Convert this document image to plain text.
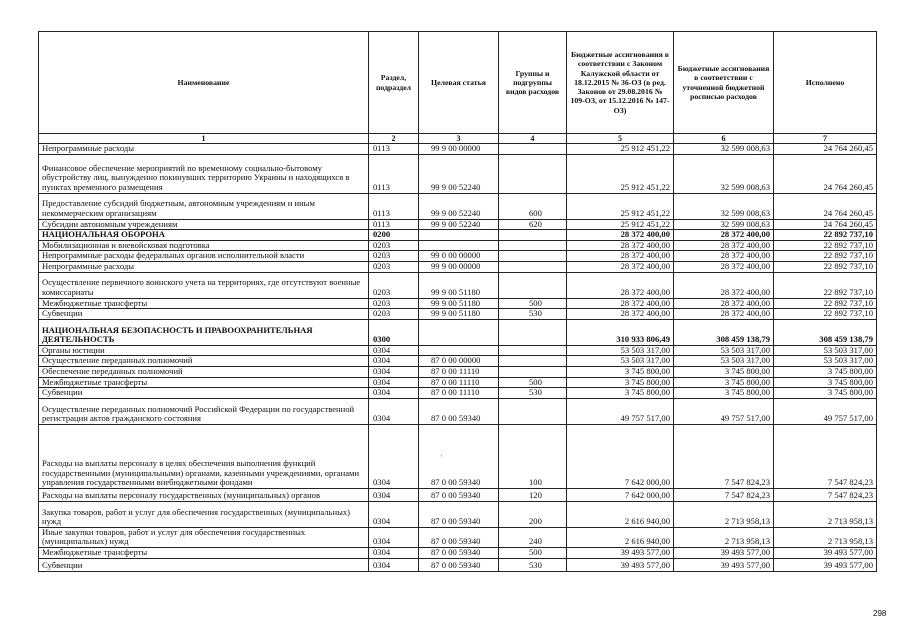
Наименование	Раздел, подраздел	Целевая статья	Группы и подгруппы видов расходов	Бюджетные ассигнования в соответствии с Законом Калужской области от 18.12.2015 № 36-ОЗ (в ред. Законов от 29.08.2016 № 109-ОЗ, от 15.12.2016 № 147-ОЗ)	Бюджетные ассигнования в соответствии с уточненной бюджетной росписью расходов	Исполнено
1	2	3	4	5	6	7
Непрограммные расходы	0113	99 9 00 00000		25 912 451,22	32 599 008,63	24 764 260,45
Финансовое обеспечение мероприятий по временному социально-бытовому обустройству лиц, вынужденно покинувших территорию Украины и находящихся в пунктах временного размещения	0113	99 9 00 52240		25 912 451,22	32 599 008,63	24 764 260,45
Предоставление субсидий бюджетным, автономным учреждениям и иным некоммерческим организациям	0113	99 9 00 52240	600	25 912 451,22	32 599 008,63	24 764 260,45
Субсидии автономным учреждениям	0113	99 9 00 52240	620	25 912 451,22	32 599 008,63	24 764 260,45
НАЦИОНАЛЬНАЯ ОБОРОНА	0200			28 372 400,00	28 372 400,00	22 892 737,10
Мобилизационная и вневойсковая подготовка	0203			28 372 400,00	28 372 400,00	22 892 737,10
Непрограммные расходы федеральных органов исполнительной власти	0203	99 0 00 00000		28 372 400,00	28 372 400,00	22 892 737,10
Непрограммные расходы	0203	99 9 00 00000		28 372 400,00	28 372 400,00	22 892 737,10
Осуществление первичного воинского учета на территориях, где отсутствуют военные комиссариаты	0203	99 9 00 51180		28 372 400,00	28 372 400,00	22 892 737,10
Межбюджетные трансферты	0203	99 9 00 51180	500	28 372 400,00	28 372 400,00	22 892 737,10
Субвенции	0203	99 9 00 51180	530	28 372 400,00	28 372 400,00	22 892 737,10
НАЦИОНАЛЬНАЯ БЕЗОПАСНОСТЬ И ПРАВООХРАНИТЕЛЬНАЯ ДЕЯТЕЛЬНОСТЬ	0300			310 933 806,49	308 459 138,79	308 459 138,79
Органы юстиции	0304			53 503 317,00	53 503 317,00	53 503 317,00
Осуществление переданных полномочий	0304	87 0 00 00000		53 503 317,00	53 503 317,00	53 503 317,00
Обеспечение переданных полномочий	0304	87 0 00 11110		3 745 800,00	3 745 800,00	3 745 800,00
Межбюджетные трансферты	0304	87 0 00 11110	500	3 745 800,00	3 745 800,00	3 745 800,00
Субвенции	0304	87 0 00 11110	530	3 745 800,00	3 745 800,00	3 745 800,00
Осуществление переданных полномочий Российской Федерации по государственной регистрации актов гражданского состояния	0304	87 0 00 59340		49 757 517,00	49 757 517,00	49 757 517,00
Расходы на выплаты персоналу в целях обеспечения выполнения функций государственными (муниципальными) органами, казенными учреждениями, органами управления государственными внебюджетными фондами	0304	87 0 00 59340	100	7 642 000,00	7 547 824,23	7 547 824,23
Расходы на выплаты персоналу государственных (муниципальных) органов	0304	87 0 00 59340	120	7 642 000,00	7 547 824,23	7 547 824,23
Закупка товаров, работ и услуг для обеспечения государственных (муниципальных) нужд	0304	87 0 00 59340	200	2 616 940,00	2 713 958,13	2 713 958,13
Иные закупки товаров, работ и услуг для обеспечения государственных (муниципальных) нужд	0304	87 0 00 59340	240	2 616 940,00	2 713 958,13	2 713 958,13
Межбюджетные трансферты	0304	87 0 00 59340	500	39 493 577,00	39 493 577,00	39 493 577,00
Субвенции	0304	87 0 00 59340	530	39 493 577,00	39 493 577,00	39 493 577,00
'
298
